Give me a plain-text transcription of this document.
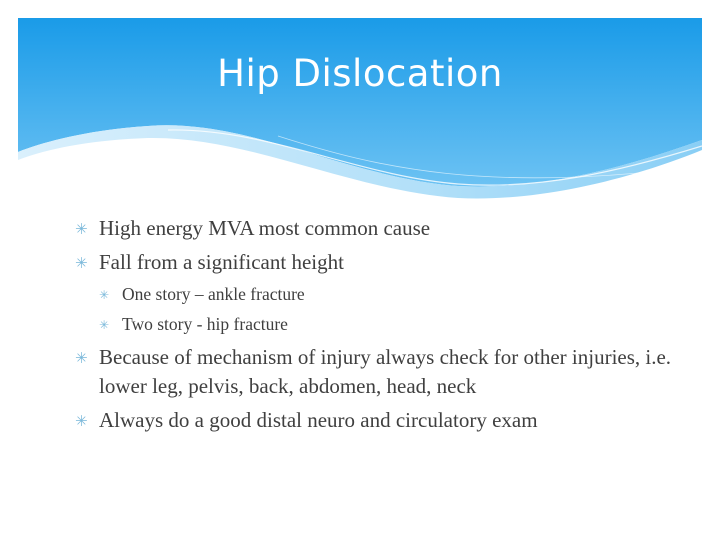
Hip Dislocation
✳ High energy MVA most common cause
✳ Fall from a significant height
✳ One story – ankle fracture
✳ Two story - hip fracture
✳ Because of mechanism of injury always check for other injuries, i.e. lower leg, pelvis, back, abdomen, head, neck
✳ Always do a good distal neuro and circulatory exam
